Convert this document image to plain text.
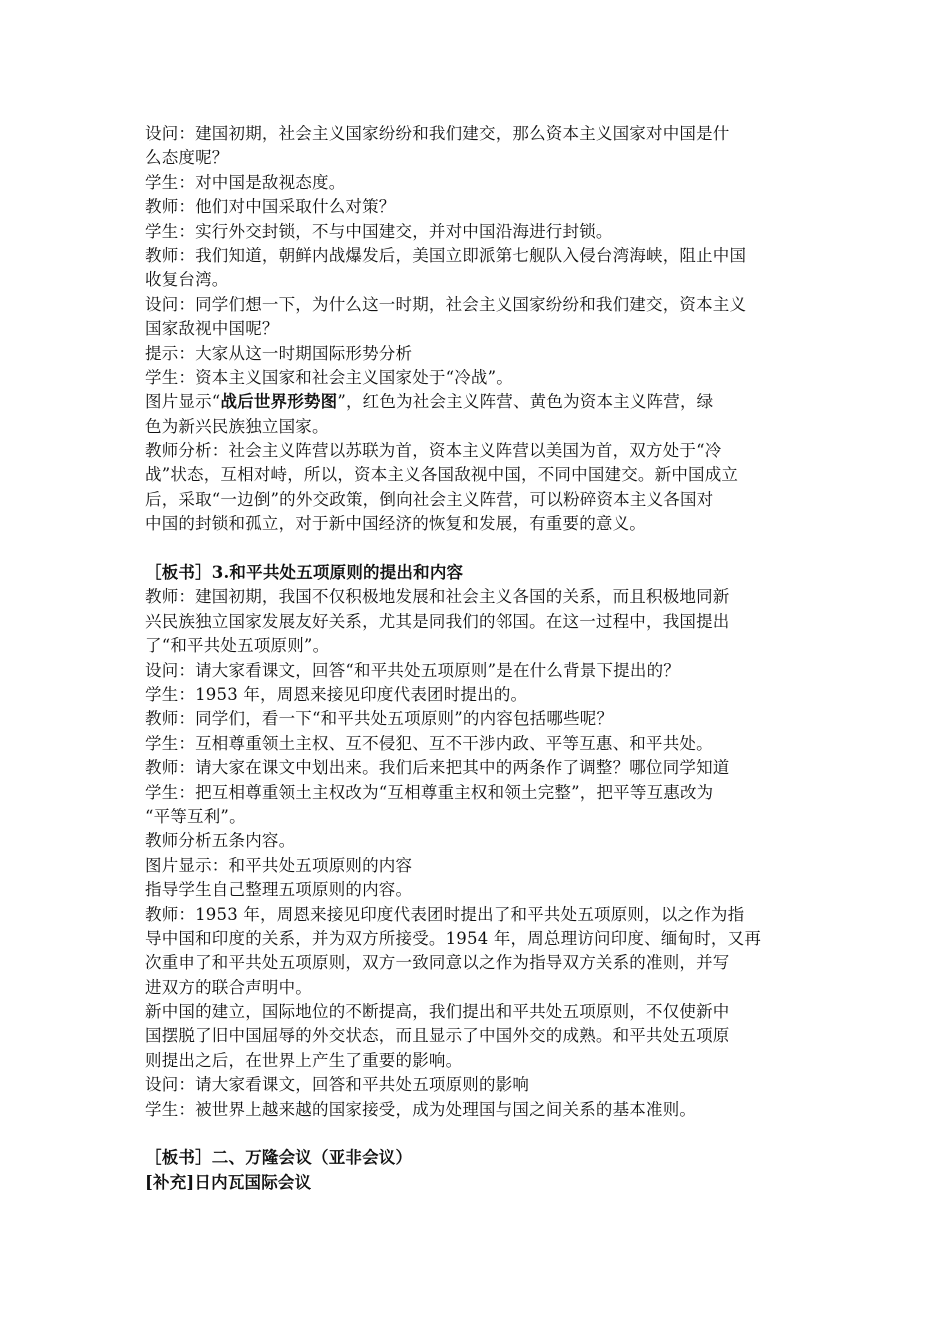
设问：建国初期，社会主义国家纷纷和我们建交，那么资本主义国家对中国是什
么态度呢？
学生：对中国是敌视态度。
教师：他们对中国采取什么对策？
学生：实行外交封锁，不与中国建交，并对中国沿海进行封锁。
教师：我们知道，朝鲜内战爆发后，美国立即派第七舰队入侵台湾海峡，阻止中国
收复台湾。
设问：同学们想一下，为什么这一时期，社会主义国家纷纷和我们建交，资本主义
国家敌视中国呢？
提示：大家从这一时期国际形势分析
学生：资本主义国家和社会主义国家处于“冷战”。
图片显示“战后世界形势图”，红色为社会主义阵营、黄色为资本主义阵营，绿
色为新兴民族独立国家。
教师分析：社会主义阵营以苏联为首，资本主义阵营以美国为首，双方处于“冷
战”状态，互相对峙，所以，资本主义各国敌视中国，不同中国建交。新中国成立
后，采取“一边倒”的外交政策，倒向社会主义阵营，可以粉碎资本主义各国对
中国的封锁和孤立，对于新中国经济的恢复和发展，有重要的意义。
［板书］3.和平共处五项原则的提出和内容
教师：建国初期，我国不仅积极地发展和社会主义各国的关系，而且积极地同新
兴民族独立国家发展友好关系，尤其是同我们的邻国。在这一过程中，我国提出
了“和平共处五项原则”。
设问：请大家看课文，回答“和平共处五项原则”是在什么背景下提出的？
学生：1953 年，周恩来接见印度代表团时提出的。
教师：同学们，看一下“和平共处五项原则”的内容包括哪些呢？
学生：互相尊重领土主权、互不侵犯、互不干涉内政、平等互惠、和平共处。
教师：请大家在课文中划出来。我们后来把其中的两条作了调整？哪位同学知道
学生：把互相尊重领土主权改为“互相尊重主权和领土完整”，把平等互惠改为
“平等互利”。
教师分析五条内容。
图片显示：和平共处五项原则的内容
指导学生自己整理五项原则的内容。
教师：1953 年，周恩来接见印度代表团时提出了和平共处五项原则，以之作为指
导中国和印度的关系，并为双方所接受。1954 年，周总理访问印度、缅甸时，又再
次重申了和平共处五项原则，双方一致同意以之作为指导双方关系的准则，并写
进双方的联合声明中。
新中国的建立，国际地位的不断提高，我们提出和平共处五项原则，不仅使新中
国摆脱了旧中国屈辱的外交状态，而且显示了中国外交的成熟。和平共处五项原
则提出之后，在世界上产生了重要的影响。
设问：请大家看课文，回答和平共处五项原则的影响
学生：被世界上越来越的国家接受，成为处理国与国之间关系的基本准则。
［板书］二、万隆会议（亚非会议）
[补充]日内瓦国际会议
